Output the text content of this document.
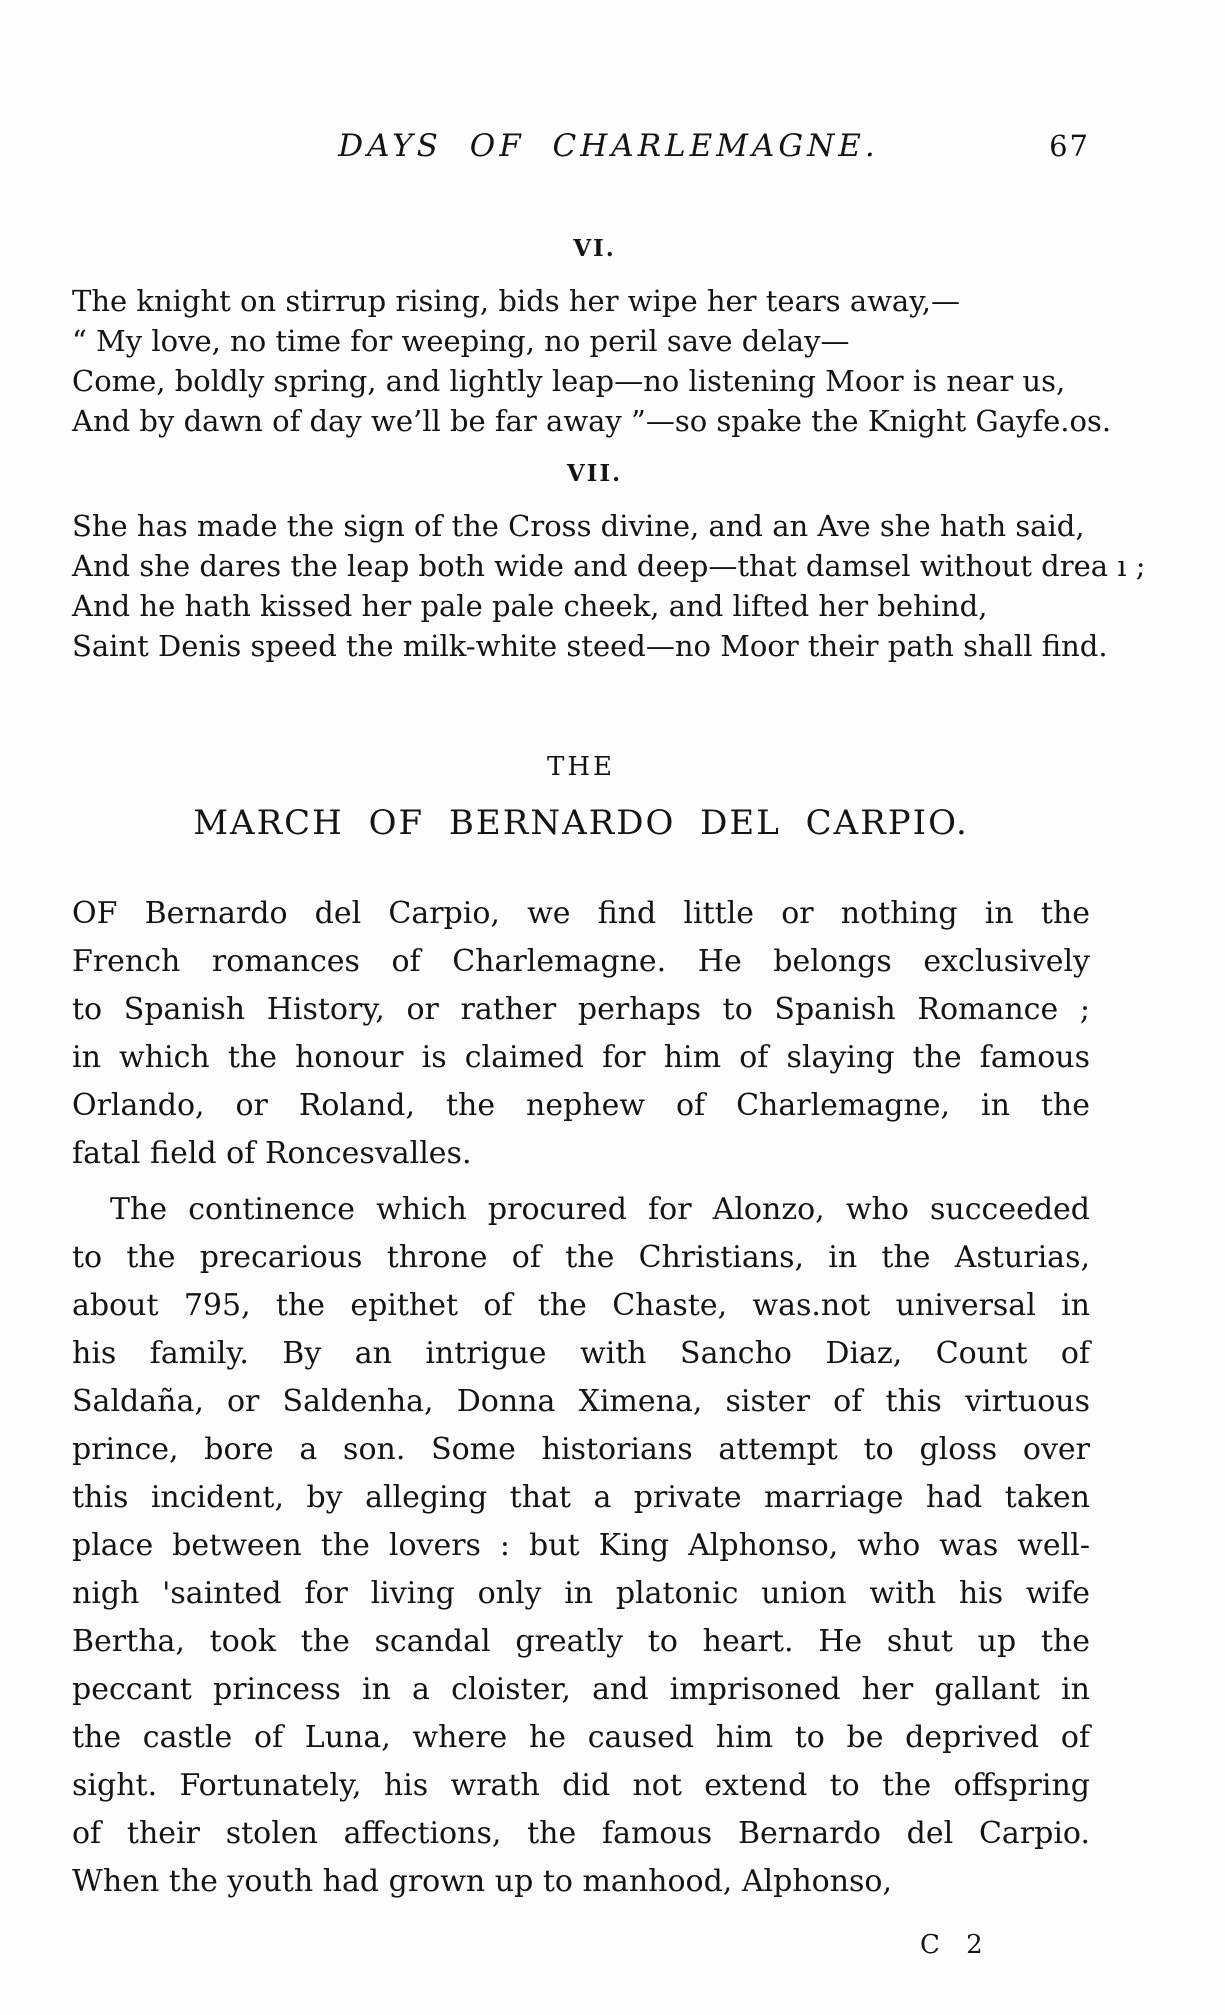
DAYS OF CHARLEMAGNE.	67
VI.
The knight on stirrup rising, bids her wipe her tears away,—
“ My love, no time for weeping, no peril save delay—
Come, boldly spring, and lightly leap—no listening Moor is near us,
And by dawn of day we’ll be far away ”—so spake the Knight Gayfe.os.
VII.
She has made the sign of the Cross divine, and an Ave she hath said,
And she dares the leap both wide and deep—that damsel without drea ı ;
And he hath kissed her pale pale cheek, and lifted her behind,
Saint Denis speed the milk-white steed—no Moor their path shall find.
THE
MARCH OF BERNARDO DEL CARPIO.
OF Bernardo del Carpio, we find little or nothing in the
French romances of Charlemagne. He belongs exclusively
to Spanish History, or rather perhaps to Spanish Romance ;
in which the honour is claimed for him of slaying the famous
Orlando, or Roland, the nephew of Charlemagne, in the
fatal field of Roncesvalles.
The continence which procured for Alonzo, who succeeded
to the precarious throne of the Christians, in the Asturias,
about 795, the epithet of the Chaste, was.not universal in
his family. By an intrigue with Sancho Diaz, Count of
Saldaña, or Saldenha, Donna Ximena, sister of this virtuous
prince, bore a son. Some historians attempt to gloss over
this incident, by alleging that a private marriage had taken
place between the lovers : but King Alphonso, who was well-
nigh 'sainted for living only in platonic union with his wife
Bertha, took the scandal greatly to heart. He shut up the
peccant princess in a cloister, and imprisoned her gallant in
the castle of Luna, where he caused him to be deprived of
sight. Fortunately, his wrath did not extend to the offspring
of their stolen affections, the famous Bernardo del Carpio.
When the youth had grown up to manhood, Alphonso,
C 2
